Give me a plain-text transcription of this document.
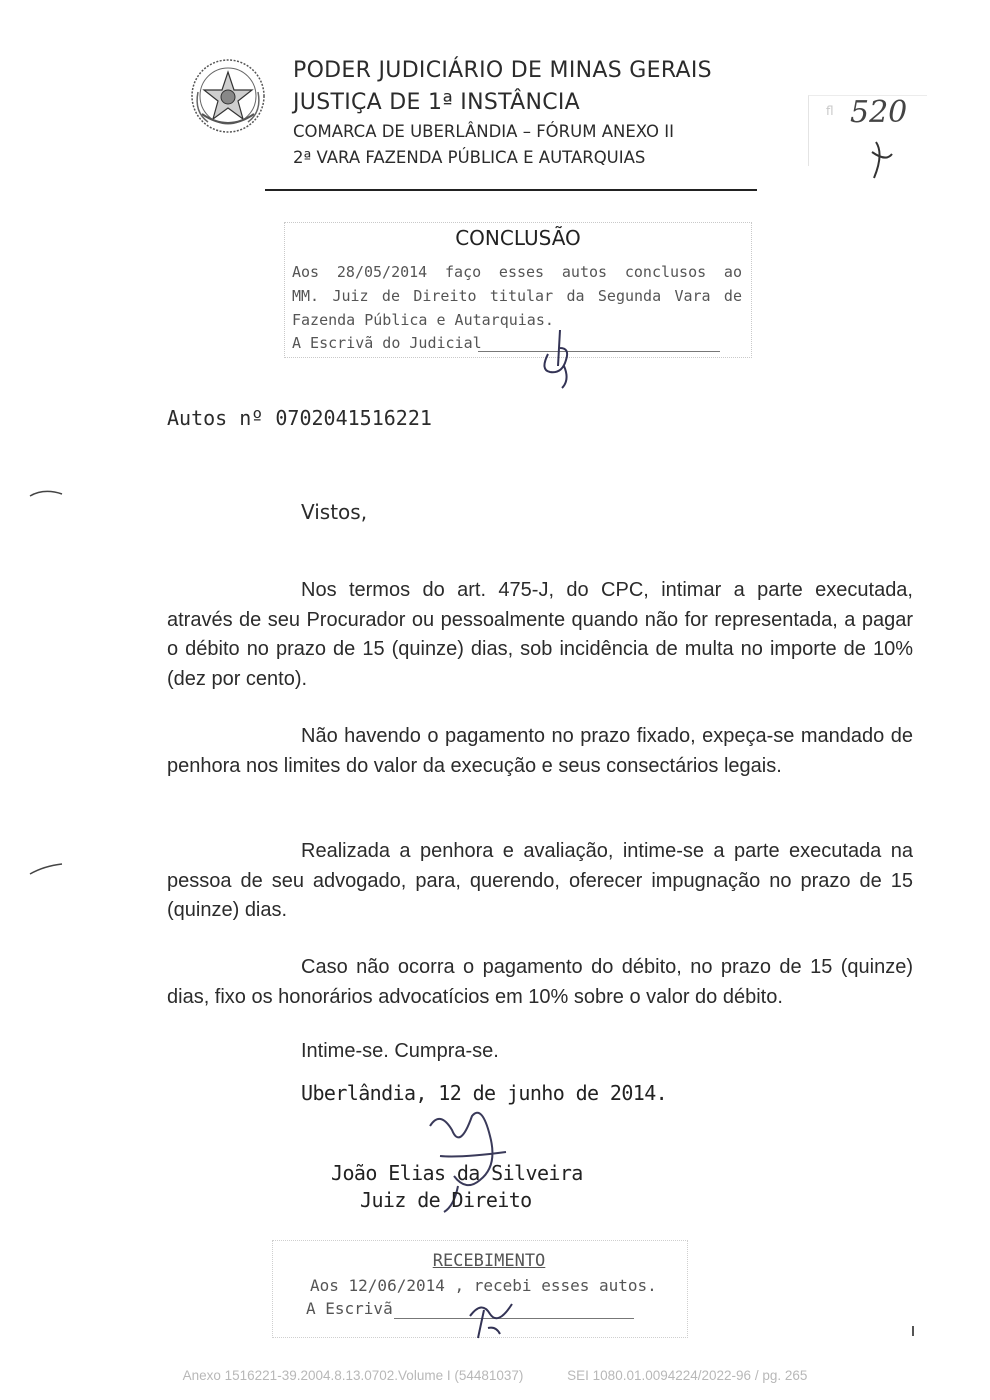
PODER JUDICIÁRIO DE MINAS GERAIS
JUSTIÇA DE 1ª INSTÂNCIA
COMARCA DE UBERLÂNDIA – FÓRUM ANEXO II
2ª VARA FAZENDA PÚBLICA E AUTARQUIAS
fl 520
CONCLUSÃO
Aos 28/05/2014 faço esses autos conclusos ao
MM. Juiz de Direito titular da Segunda Vara de
Fazenda Pública e Autarquias.
A Escrivã do Judicial
Autos nº 0702041516221
Vistos,
Nos termos do art. 475-J, do CPC, intimar a parte executada, através de seu Procurador ou pessoalmente quando não for representada, a pagar o débito no prazo de 15 (quinze) dias, sob incidência de multa no importe de 10% (dez por cento).
Não havendo o pagamento no prazo fixado, expeça-se mandado de penhora nos limites do valor da execução e seus consectários legais.
Realizada a penhora e avaliação, intime-se a parte executada na pessoa de seu advogado, para, querendo, oferecer impugnação no prazo de 15 (quinze) dias.
Caso não ocorra o pagamento do débito, no prazo de 15 (quinze) dias, fixo os honorários advocatícios em 10% sobre o valor do débito.
Intime-se. Cumpra-se.
Uberlândia, 12 de junho de 2014.
João Elias da Silveira
Juiz de Direito
RECEBIMENTO
Aos 12/06/2014 , recebi esses autos.
A Escrivã
Anexo 1516221-39.2004.8.13.0702.Volume I (54481037)	SEI 1080.01.0094224/2022-96 / pg. 265
